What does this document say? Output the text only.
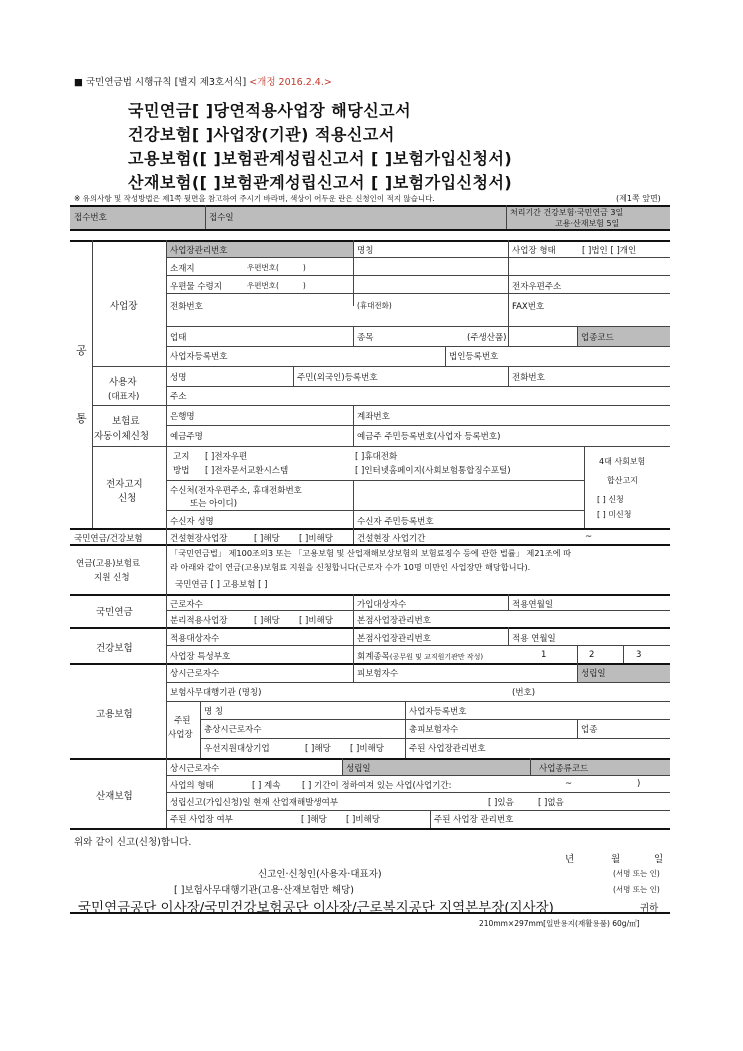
■ 국민연금법 시행규칙 [별지 제3호서식] <개정 2016.2.4.>
국민연금[ ]당연적용사업장 해당신고서
건강보험[ ]사업장(기관) 적용신고서
고용보험([ ]보험관계성립신고서 [ ]보험가입신청서)
산재보험([ ]보험관계성립신고서 [ ]보험가입신청서)
※ 유의사항 및 작성방법은 제1쪽 뒷면을 참고하여 주시기 바라며, 색상이 어두운 란은 신청인이 적지 않습니다.	(제1쪽 앞면)
접수번호	접수일
처리기간 건강보험·국민연금 3일
고용·산재보험 5일
공
통
사업장
사업장관리번호	명칭	사업장 형태	[ ]법인 [ ]개인
소재지	우편번호(	)
우편물 수령지	우편번호(	)	전자우편주소
전화번호	(휴대전화)	FAX번호
업태	종목	(주생산품)	업종코드
사업자등록번호	법인등록번호
사용자
(대표자)
성명	주민(외국인)등록번호	전화번호
주소
보험료
자동이체신청
은행명	계좌번호
예금주명	예금주 주민등록번호(사업자 등록번호)
전자고지
신청
고지
방법
[ ]전자우편	[ ]휴대전화
[ ]전자문서교환시스템	[ ]인터넷홈페이지(사회보험통합징수포털)
수신처(전자우편주소, 휴대전화번호
또는 아이디)
수신자 성명	수신자 주민등록번호
4대 사회보험
합산고지
[ ] 신청
[ ] 미신청
국민연금/건강보험	건설현장사업장	[ ]해당 [ ]비해당	건설현장 사업기간	~
연금(고용)보험료
지원 신청
「국민연금법」 제100조의3 또는 「고용보험 및 산업재해보상보험의 보험료징수 등에 관한 법률」 제21조에 따
라 아래와 같이 연금(고용)보험료 지원을 신청합니다(근로자 수가 10명 미만인 사업장만 해당합니다).
국민연금 [ ] 고용보험 [ ]
국민연금
근로자수	가입대상자수	적용연월일
분리적용사업장	[ ]해당 [ ]비해당	본점사업장관리번호
건강보험
적용대상자수	본점사업장관리번호	적용 연월일
사업장 특성부호	회계종목(공무원 및 교직원기관만 작성)	1	2	3
고용보험
상시근로자수	피보험자수	성립일
보험사무대행기관 (명칭)	(번호)
주된
사업장
명 칭	사업자등록번호
총상시근로자수	총피보험자수	업종
우선지원대상기업	[ ]해당 [ ]비해당	주된 사업장관리번호
산재보험
상시근로자수	성립일	사업종류코드
사업의 형태	[ ] 계속	[ ] 기간이 정하여져 있는 사업(사업기간:	~	)
성립신고(가입신청)일 현재 산업재해발생여부	[ ]있음	[ ]없음
주된 사업장 여부	[ ]해당 [ ]비해당	주된 사업장 관리번호
위와 같이 신고(신청)합니다.
년	월	일
신고인·신청인(사용자·대표자)	(서명 또는 인)
[ ]보험사무대행기관(고용·산재보험만 해당)	(서명 또는 인)
국민연금공단 이사장/국민건강보험공단 이사장/근로복지공단 지역본부장(지사장)	귀하
210mm×297mm[일반용지(재활용품) 60g/㎡]
